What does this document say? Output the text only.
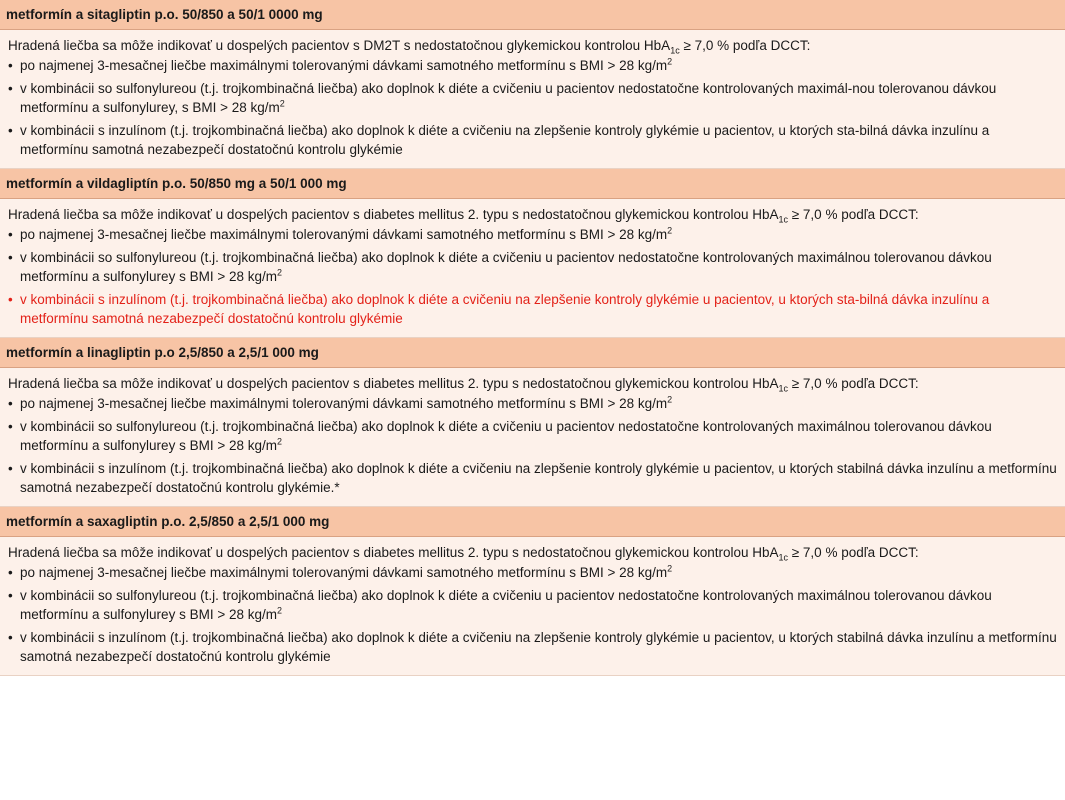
metformín a sitagliptin p.o. 50/850 a 50/1 0000 mg
Hradená liečba sa môže indikovať u dospelých pacientov s DM2T s nedostatočnou glykemickou kontrolou HbA$_{1c}$ ≥ 7,0 % podľa DCCT:
• po najmenej 3-mesačnej liečbe maximálnymi tolerovanými dávkami samotného metformínu s BMI > 28 $kg/m^2$
• v kombinácii so sulfonylureou (t.j. trojkombinačná liečba) ako doplnok k diéte a cvičeniu u pacientov nedostatočne kontrolovaných maximál-nou tolerovanou dávkou metformínu a sulfonylurey, s BMI > 28 $kg/m^2$
• v kombinácii s inzulínom (t.j. trojkombinačná liečba) ako doplnok k diéte a cvičeniu na zlepšenie kontroly glykémie u pacientov, u ktorých sta-bilná dávka inzulínu a metformínu samotná nezabezpečí dostatočnú kontrolu glykémie
metformín a vildagliptín p.o. 50/850 mg a 50/1 000 mg
Hradená liečba sa môže indikovať u dospelých pacientov s diabetes mellitus 2. typu s nedostatočnou glykemickou kontrolou HbA$_{1c}$ ≥ 7,0 % podľa DCCT:
• po najmenej 3-mesačnej liečbe maximálnymi tolerovanými dávkami samotného metformínu s BMI > 28 $kg/m^2$
• v kombinácii so sulfonylureou (t.j. trojkombinačná liečba) ako doplnok k diéte a cvičeniu u pacientov nedostatočne kontrolovaných maximálnou tolerovanou dávkou metformínu a sulfonylurey s BMI > 28 $kg/m^2$
• v kombinácii s inzulínom (t.j. trojkombinačná liečba) ako doplnok k diéte a cvičeniu na zlepšenie kontroly glykémie u pacientov, u ktorých sta-bilná dávka inzulínu a metformínu samotná nezabezpečí dostatočnú kontrolu glykémie
metformín a linagliptin p.o 2,5/850 a 2,5/1 000 mg
Hradená liečba sa môže indikovať u dospelých pacientov s diabetes mellitus 2. typu s nedostatočnou glykemickou kontrolou HbA$_{1c}$ ≥ 7,0 % podľa DCCT:
• po najmenej 3-mesačnej liečbe maximálnymi tolerovanými dávkami samotného metformínu s BMI > 28 $kg/m^2$
• v kombinácii so sulfonylureou (t.j. trojkombinačná liečba) ako doplnok k diéte a cvičeniu u pacientov nedostatočne kontrolovaných maximálnou tolerovanou dávkou metformínu a sulfonylurey s BMI > 28 $kg/m^2$
• v kombinácii s inzulínom (t.j. trojkombinačná liečba) ako doplnok k diéte a cvičeniu na zlepšenie kontroly glykémie u pacientov, u ktorých stabilná dávka inzulínu a metformínu samotná nezabezpečí dostatočnú kontrolu glykémie.*
metformín a saxagliptin p.o. 2,5/850 a 2,5/1 000 mg
Hradená liečba sa môže indikovať u dospelých pacientov s diabetes mellitus 2. typu s nedostatočnou glykemickou kontrolou HbA$_{1c}$ ≥ 7,0 % podľa DCCT:
• po najmenej 3-mesačnej liečbe maximálnymi tolerovanými dávkami samotného metformínu s BMI > 28 $kg/m^2$
• v kombinácii so sulfonylureou (t.j. trojkombinačná liečba) ako doplnok k diéte a cvičeniu u pacientov nedostatočne kontrolovaných maximálnou tolerovanou dávkou metformínu a sulfonylurey s BMI > 28 $kg/m^2$
• v kombinácii s inzulínom (t.j. trojkombinačná liečba) ako doplnok k diéte a cvičeniu na zlepšenie kontroly glykémie u pacientov, u ktorých stabilná dávka inzulínu a metformínu samotná nezabezpečí dostatočnú kontrolu glykémie
